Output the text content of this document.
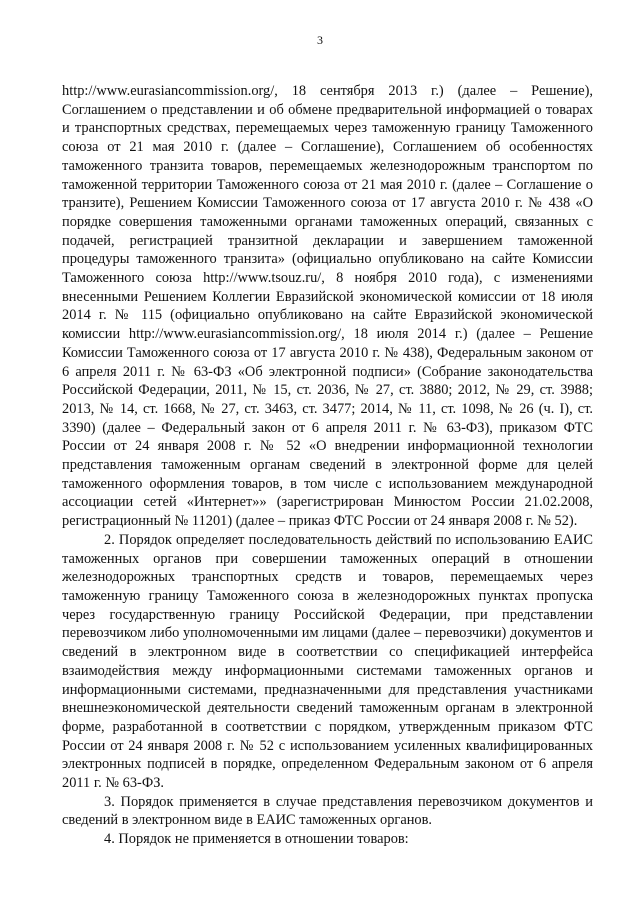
3

http://www.eurasiancommission.org/, 18 сентября 2013 г.) (далее – Решение), Соглашением о представлении и об обмене предварительной информацией о товарах и транспортных средствах, перемещаемых через таможенную границу Таможенного союза от 21 мая 2010 г. (далее – Соглашение), Соглашением об особенностях таможенного транзита товаров, перемещаемых железнодорожным транспортом по таможенной территории Таможенного союза от 21 мая 2010 г. (далее – Соглашение о транзите), Решением Комиссии Таможенного союза от 17 августа 2010 г. № 438 «О порядке совершения таможенными органами таможенных операций, связанных с подачей, регистрацией транзитной декларации и завершением таможенной процедуры таможенного транзита» (официально опубликовано на сайте Комиссии Таможенного союза http://www.tsouz.ru/, 8 ноября 2010 года), с изменениями внесенными Решением Коллегии Евразийской экономической комиссии от 18 июля 2014 г. № 115 (официально опубликовано на сайте Евразийской экономической комиссии http://www.eurasiancommission.org/, 18 июля 2014 г.) (далее – Решение Комиссии Таможенного союза от 17 августа 2010 г. № 438), Федеральным законом от 6 апреля 2011 г. № 63-ФЗ «Об электронной подписи» (Собрание законодательства Российской Федерации, 2011, № 15, ст. 2036, № 27, ст. 3880; 2012, № 29, ст. 3988; 2013, № 14, ст. 1668, № 27, ст. 3463, ст. 3477; 2014, № 11, ст. 1098, № 26 (ч. I), ст. 3390) (далее – Федеральный закон от 6 апреля 2011 г. № 63-ФЗ), приказом ФТС России от 24 января 2008 г. № 52 «О внедрении информационной технологии представления таможенным органам сведений в электронной форме для целей таможенного оформления товаров, в том числе с использованием международной ассоциации сетей «Интернет»» (зарегистрирован Минюстом России 21.02.2008, регистрационный № 11201) (далее – приказ ФТС России от 24 января 2008 г. № 52).

2. Порядок определяет последовательность действий по использованию ЕАИС таможенных органов при совершении таможенных операций в отношении железнодорожных транспортных средств и товаров, перемещаемых через таможенную границу Таможенного союза в железнодорожных пунктах пропуска через государственную границу Российской Федерации, при представлении перевозчиком либо уполномоченными им лицами (далее – перевозчики) документов и сведений в электронном виде в соответствии со спецификацией интерфейса взаимодействия между информационными системами таможенных органов и информационными системами, предназначенными для представления участниками внешнеэкономической деятельности сведений таможенным органам в электронной форме, разработанной в соответствии с порядком, утвержденным приказом ФТС России от 24 января 2008 г. № 52 с использованием усиленных квалифицированных электронных подписей в порядке, определенном Федеральным законом от 6 апреля 2011 г. № 63-ФЗ.

3. Порядок применяется в случае представления перевозчиком документов и сведений в электронном виде в ЕАИС таможенных органов.

4. Порядок не применяется в отношении товаров:
